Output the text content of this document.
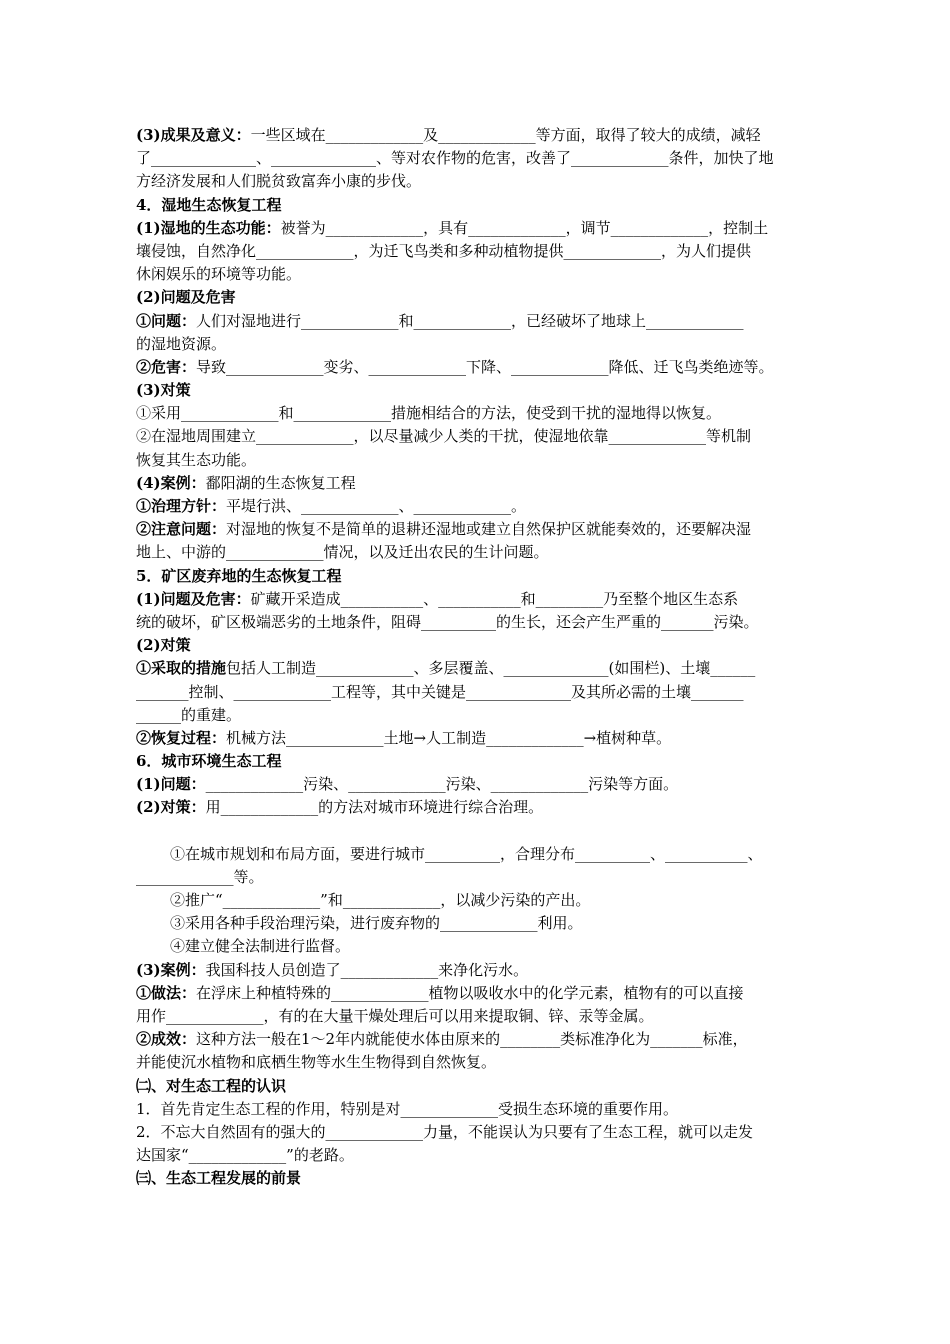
(3)成果及意义：一些区域在_____________及_____________等方面，取得了较大的成绩，减轻
了______________、______________、等对农作物的危害，改善了_____________条件，加快了地
方经济发展和人们脱贫致富奔小康的步伐。
4．湿地生态恢复工程
(1)湿地的生态功能：被誉为_____________，具有_____________，调节_____________，控制土
壤侵蚀，自然净化_____________，为迁飞鸟类和多种动植物提供_____________，为人们提供
休闲娱乐的环境等功能。
(2)问题及危害
①问题：人们对湿地进行_____________和_____________，已经破坏了地球上_____________
的湿地资源。
②危害：导致_____________变劣、_____________下降、_____________降低、迁飞鸟类绝迹等。
(3)对策
①采用_____________和_____________措施相结合的方法，使受到干扰的湿地得以恢复。
②在湿地周围建立_____________，以尽量减少人类的干扰，使湿地依靠_____________等机制
恢复其生态功能。
(4)案例：鄱阳湖的生态恢复工程
①治理方针：平堤行洪、_____________、_____________。
②注意问题：对湿地的恢复不是简单的退耕还湿地或建立自然保护区就能奏效的，还要解决湿
地上、中游的_____________情况，以及迁出农民的生计问题。
5．矿区废弃地的生态恢复工程
(1)问题及危害：矿藏开采造成___________、___________和_________乃至整个地区生态系
统的破坏，矿区极端恶劣的土地条件，阻碍__________的生长，还会产生严重的_______污染。
(2)对策
①采取的措施包括人工制造_____________、多层覆盖、______________(如围栏)、土壤______
_______控制、_____________工程等，其中关键是______________及其所必需的土壤_______
______的重建。
②恢复过程：机械方法_____________土地→人工制造_____________→植树种草。
6．城市环境生态工程
(1)问题：_____________污染、_____________污染、_____________污染等方面。
(2)对策：用_____________的方法对城市环境进行综合治理。
①在城市规划和布局方面，要进行城市__________，合理分布__________、___________、
_____________等。
②推广“_____________”和_____________，以减少污染的产出。
③采用各种手段治理污染，进行废弃物的_____________利用。
④建立健全法制进行监督。
(3)案例：我国科技人员创造了_____________来净化污水。
①做法：在浮床上种植特殊的_____________植物以吸收水中的化学元素，植物有的可以直接
用作_____________，有的在大量干燥处理后可以用来提取铜、锌、汞等金属。
②成效：这种方法一般在1～2年内就能使水体由原来的________类标准净化为_______标准，
并能使沉水植物和底栖生物等水生生物得到自然恢复。
㈡、对生态工程的认识
1．首先肯定生态工程的作用，特别是对_____________受损生态环境的重要作用。
2．不忘大自然固有的强大的_____________力量，不能误认为只要有了生态工程，就可以走发
达国家“_____________”的老路。
㈢、生态工程发展的前景
